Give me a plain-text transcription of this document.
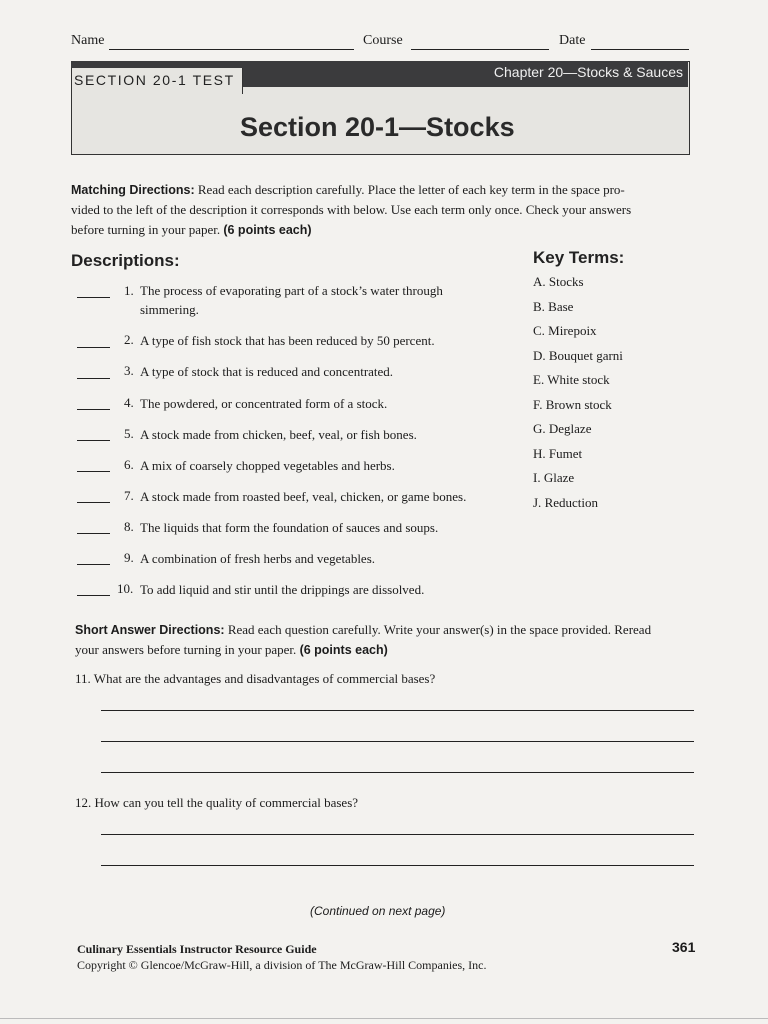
Name	Course	Date
SECTION 20-1 TEST	Chapter 20—Stocks & Sauces
Section 20-1—Stocks
Matching Directions: Read each description carefully. Place the letter of each key term in the space pro-
vided to the left of the description it corresponds with below. Use each term only once. Check your answers
before turning in your paper. (6 points each)
Descriptions:	Key Terms:
1. The process of evaporating part of a stock’s water through
simmering.
2. A type of fish stock that has been reduced by 50 percent.
3. A type of stock that is reduced and concentrated.
4. The powdered, or concentrated form of a stock.
5. A stock made from chicken, beef, veal, or fish bones.
6. A mix of coarsely chopped vegetables and herbs.
7. A stock made from roasted beef, veal, chicken, or game bones.
8. The liquids that form the foundation of sauces and soups.
9. A combination of fresh herbs and vegetables.
10. To add liquid and stir until the drippings are dissolved.
A. Stocks
B. Base
C. Mirepoix
D. Bouquet garni
E. White stock
F. Brown stock
G. Deglaze
H. Fumet
I. Glaze
J. Reduction
Short Answer Directions: Read each question carefully. Write your answer(s) in the space provided. Reread
your answers before turning in your paper. (6 points each)
11. What are the advantages and disadvantages of commercial bases?
12. How can you tell the quality of commercial bases?
(Continued on next page)
Culinary Essentials Instructor Resource Guide
Copyright © Glencoe/McGraw-Hill, a division of The McGraw-Hill Companies, Inc.
361
